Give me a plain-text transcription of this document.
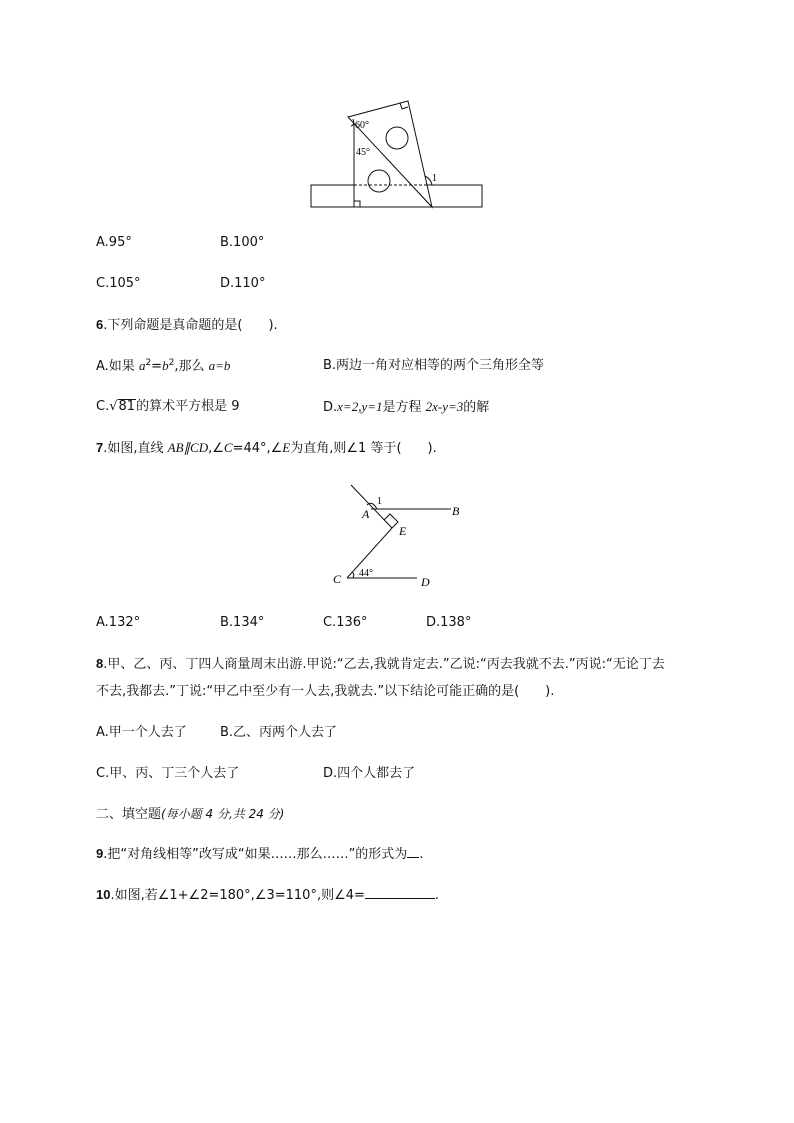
60°
45°
1
A.95°	B.100°
C.105°	D.110°
6.下列命题是真命题的是(　　).
A.如果 $a^2=b^2$,那么 a=b	B.两边一角对应相等的两个三角形全等
C.√81的算术平方根是 9	D.x=2,y=1是方程 2x-y=3的解
7.如图,直线 AB∥CD,∠C=44°,∠E为直角,则∠1 等于(　　).
1
A	B
E
C	D
44°
A.132°	B.134°	C.136°	D.138°
8.甲、乙、丙、丁四人商量周末出游.甲说:“乙去,我就肯定去.”乙说:“丙去我就不去.”丙说:“无论丁去
不去,我都去.”丁说:“甲乙中至少有一人去,我就去.”以下结论可能正确的是(　　).
A.甲一个人去了	B.乙、丙两个人去了
C.甲、丙、丁三个人去了	D.四个人都去了
二、填空题(每小题 4 分,共 24 分)
9.把“对角线相等”改写成“如果……那么……”的形式为 .
10.如图,若∠1+∠2=180°,∠3=110°,则∠4=	.
